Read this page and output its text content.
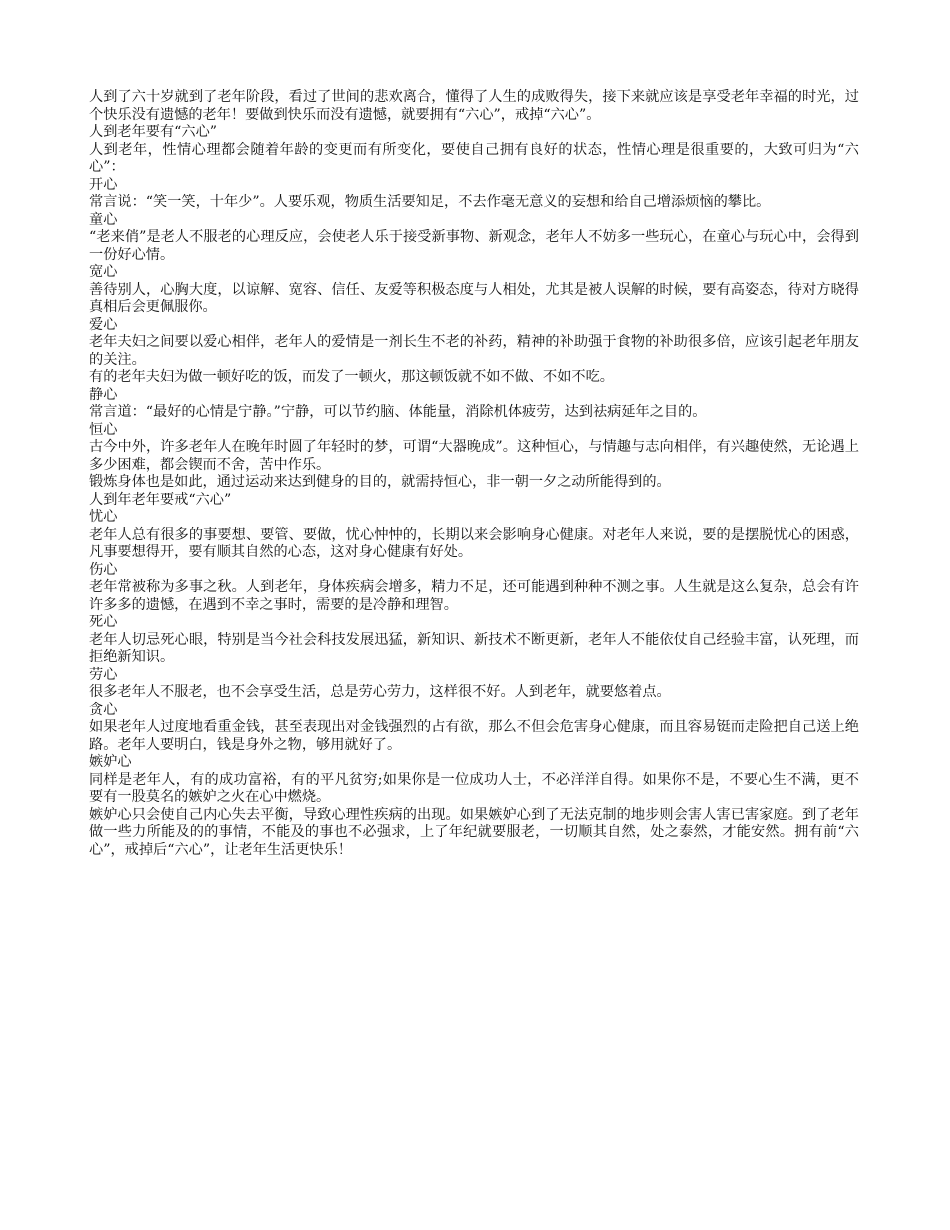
人到了六十岁就到了老年阶段，看过了世间的悲欢离合，懂得了人生的成败得失，接下来就应该是享受老年幸福的时光，过个快乐没有遗憾的老年！要做到快乐而没有遗憾，就要拥有“六心”，戒掉“六心”。

人到老年要有“六心”

人到老年，性情心理都会随着年龄的变更而有所变化，要使自己拥有良好的状态，性情心理是很重要的，大致可归为“六心”：

开心

常言说：“笑一笑，十年少”。人要乐观，物质生活要知足，不去作毫无意义的妄想和给自己增添烦恼的攀比。

童心

“老来俏”是老人不服老的心理反应，会使老人乐于接受新事物、新观念，老年人不妨多一些玩心，在童心与玩心中，会得到一份好心情。

宽心

善待别人，心胸大度，以谅解、宽容、信任、友爱等积极态度与人相处，尤其是被人误解的时候，要有高姿态，待对方晓得真相后会更佩服你。

爱心

老年夫妇之间要以爱心相伴，老年人的爱情是一剂长生不老的补药，精神的补助强于食物的补助很多倍，应该引起老年朋友的关注。

有的老年夫妇为做一顿好吃的饭，而发了一顿火，那这顿饭就不如不做、不如不吃。

静心

常言道：“最好的心情是宁静。”宁静，可以节约脑、体能量，消除机体疲劳，达到祛病延年之目的。

恒心

古今中外，许多老年人在晚年时圆了年轻时的梦，可谓“大器晚成”。这种恒心，与情趣与志向相伴，有兴趣使然，无论遇上多少困难，都会锲而不舍，苦中作乐。

锻炼身体也是如此，通过运动来达到健身的目的，就需持恒心，非一朝一夕之动所能得到的。

人到年老年要戒“六心”

忧心

老年人总有很多的事要想、要管、要做，忧心忡忡的，长期以来会影响身心健康。对老年人来说，要的是摆脱忧心的困惑，凡事要想得开，要有顺其自然的心态，这对身心健康有好处。

伤心

老年常被称为多事之秋。人到老年，身体疾病会增多，精力不足，还可能遇到种种不测之事。人生就是这么复杂，总会有许许多多的遗憾，在遇到不幸之事时，需要的是冷静和理智。

死心

老年人切忌死心眼，特别是当今社会科技发展迅猛，新知识、新技术不断更新，老年人不能依仗自己经验丰富，认死理，而拒绝新知识。

劳心

很多老年人不服老，也不会享受生活，总是劳心劳力，这样很不好。人到老年，就要悠着点。

贪心

如果老年人过度地看重金钱，甚至表现出对金钱强烈的占有欲，那么不但会危害身心健康，而且容易铤而走险把自己送上绝路。老年人要明白，钱是身外之物，够用就好了。

嫉妒心

同样是老年人，有的成功富裕，有的平凡贫穷;如果你是一位成功人士，不必洋洋自得。如果你不是，不要心生不满，更不要有一股莫名的嫉妒之火在心中燃烧。

嫉妒心只会使自己内心失去平衡，导致心理性疾病的出现。如果嫉妒心到了无法克制的地步则会害人害已害家庭。到了老年做一些力所能及的的事情，不能及的事也不必强求，上了年纪就要服老，一切顺其自然，处之泰然，才能安然。拥有前“六心”，戒掉后“六心”，让老年生活更快乐！
